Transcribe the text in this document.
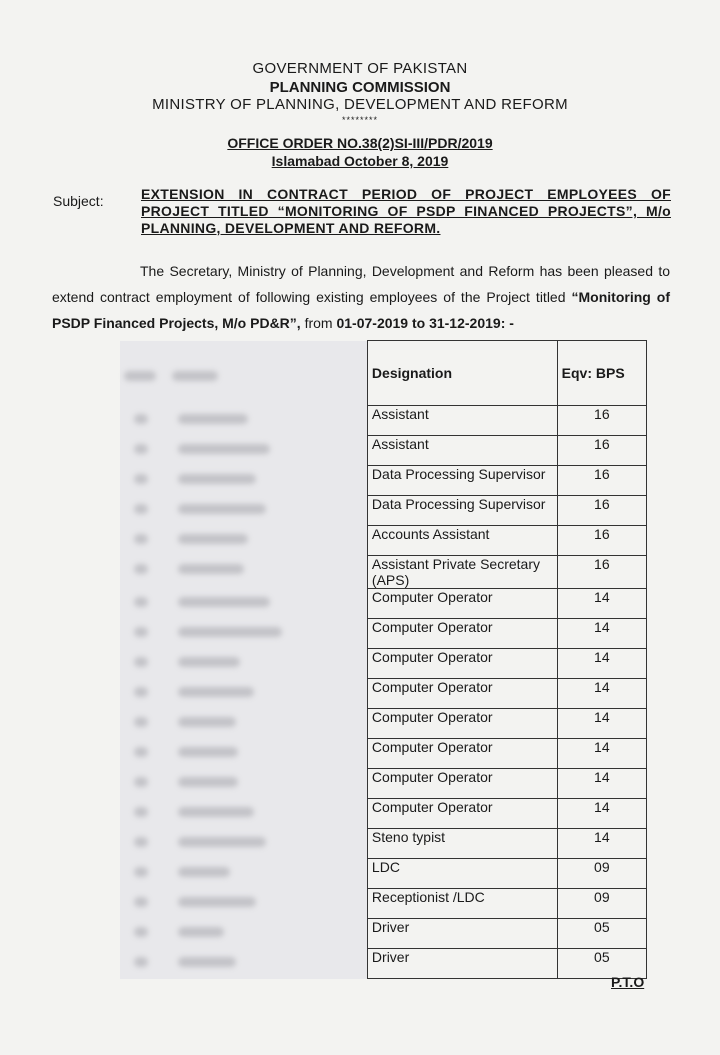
GOVERNMENT OF PAKISTAN
PLANNING COMMISSION
MINISTRY OF PLANNING, DEVELOPMENT AND REFORM
********
OFFICE ORDER NO.38(2)SI-III/PDR/2019
Islamabad October 8, 2019
Subject:	EXTENSION IN CONTRACT PERIOD OF PROJECT EMPLOYEES OF PROJECT TITLED “MONITORING OF PSDP FINANCED PROJECTS”, M/o PLANNING, DEVELOPMENT AND REFORM.
The Secretary, Ministry of Planning, Development and Reform has been pleased to extend contract employment of following existing employees of the Project titled “Monitoring of PSDP Financed Projects, M/o PD&R”, from 01-07-2019 to 31-12-2019: -
		Designation	Eqv: BPS
		Assistant	16
		Assistant	16
		Data Processing Supervisor	16
		Data Processing Supervisor	16
		Accounts Assistant	16
		Assistant Private Secretary (APS)	16
		Computer Operator	14
		Computer Operator	14
		Computer Operator	14
		Computer Operator	14
		Computer Operator	14
		Computer Operator	14
		Computer Operator	14
		Computer Operator	14
		Steno typist	14
		LDC	09
		Receptionist /LDC	09
		Driver	05
		Driver	05
P.T.O
